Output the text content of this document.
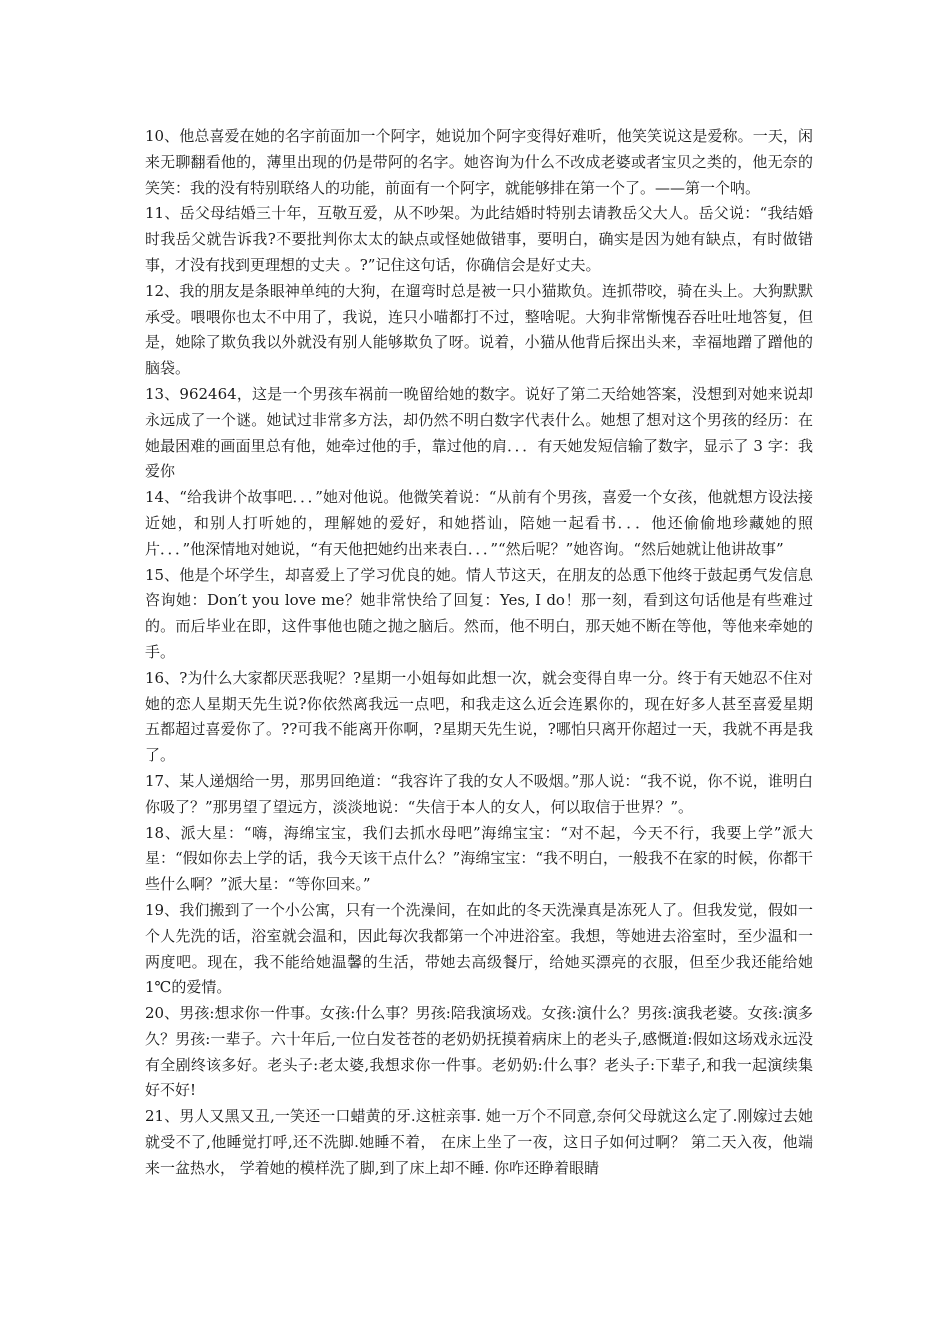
10、他总喜爱在她的名字前面加一个阿字，她说加个阿字变得好难听，他笑笑说这是爱称。一天，闲来无聊翻看他的，薄里出现的仍是带阿的名字。她咨询为什么不改成老婆或者宝贝之类的，他无奈的笑笑：我的没有特别联络人的功能，前面有一个阿字，就能够排在第一个了。——第一个呐。

11、岳父母结婚三十年，互敬互爱，从不吵架。为此结婚时特别去请教岳父大人。岳父说：“我结婚时我岳父就告诉我?不要批判你太太的缺点或怪她做错事，要明白，确实是因为她有缺点，有时做错事，才没有找到更理想的丈夫 。?”记住这句话，你确信会是好丈夫。

12、我的朋友是条眼神单纯的大狗，在遛弯时总是被一只小猫欺负。连抓带咬，骑在头上。大狗默默承受。喂喂你也太不中用了，我说，连只小喵都打不过，整啥呢。大狗非常惭愧吞吞吐吐地答复，但是，她除了欺负我以外就没有别人能够欺负了呀。说着，小猫从他背后探出头来，幸福地蹭了蹭他的脑袋。

13、962464，这是一个男孩车祸前一晚留给她的数字。说好了第二天给她答案，没想到对她来说却永远成了一个谜。她试过非常多方法，却仍然不明白数字代表什么。她想了想对这个男孩的经历：在她最困难的画面里总有他，她牵过他的手，靠过他的肩．．．有天她发短信输了数字，显示了 3 字：我爱你

14、“给我讲个故事吧．．．”她对他说。他微笑着说：“从前有个男孩，喜爱一个女孩，他就想方设法接近她，和别人打听她的，理解她的爱好，和她搭讪，陪她一起看书．．．他还偷偷地珍藏她的照片．．．”他深情地对她说，“有天他把她约出来表白．．．”“然后呢？”她咨询。“然后她就让他讲故事”

15、他是个坏学生，却喜爱上了学习优良的她。情人节这天，在朋友的怂恿下他终于鼓起勇气发信息咨询她：Don′t you love me？她非常快给了回复：Yes, I do！那一刻，看到这句话他是有些难过的。而后毕业在即，这件事他也随之抛之脑后。然而，他不明白，那天她不断在等他，等他来牵她的手。

16、?为什么大家都厌恶我呢？?星期一小姐每如此想一次，就会变得自卑一分。终于有天她忍不住对她的恋人星期天先生说?你依然离我远一点吧，和我走这么近会连累你的，现在好多人甚至喜爱星期五都超过喜爱你了。??可我不能离开你啊，?星期天先生说，?哪怕只离开你超过一天，我就不再是我了。

17、某人递烟给一男，那男回绝道：“我容许了我的女人不吸烟。”那人说：“我不说，你不说，谁明白你吸了？”那男望了望远方，淡淡地说：“失信于本人的女人，何以取信于世界？”。

18、派大星：“嗨，海绵宝宝，我们去抓水母吧”海绵宝宝：“对不起，今天不行，我要上学”派大星：“假如你去上学的话，我今天该干点什么？”海绵宝宝：“我不明白，一般我不在家的时候，你都干些什么啊？”派大星：“等你回来。”

19、我们搬到了一个小公寓，只有一个洗澡间，在如此的冬天洗澡真是冻死人了。但我发觉，假如一个人先洗的话，浴室就会温和，因此每次我都第一个冲进浴室。我想，等她进去浴室时，至少温和一两度吧。现在，我不能给她温馨的生活，带她去高级餐厅，给她买漂亮的衣服，但至少我还能给她 1℃的爱情。

20、男孩:想求你一件事。女孩:什么事？男孩:陪我演场戏。女孩:演什么？男孩:演我老婆。女孩:演多久？男孩:一辈子。六十年后,一位白发苍苍的老奶奶抚摸着病床上的老头子,感慨道:假如这场戏永远没有全剧终该多好。老头子:老太婆,我想求你一件事。老奶奶:什么事？老头子:下辈子,和我一起演续集好不好!

21、男人又黑又丑,一笑还一口蜡黄的牙.这桩亲事. 她一万个不同意,奈何父母就这么定了.刚嫁过去她就受不了,他睡觉打呼,还不洗脚.她睡不着， 在床上坐了一夜，这日子如何过啊？ 第二天入夜，他端来一盆热水， 学着她的模样洗了脚,到了床上却不睡. 你咋还睁着眼睛
